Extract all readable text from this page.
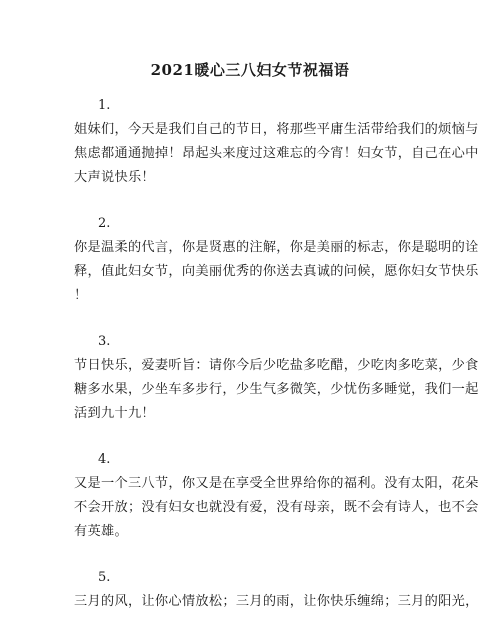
2021暖心三八妇女节祝福语
1.
姐妹们，今天是我们自己的节日，将那些平庸生活带给我们的烦恼与
焦虑都通通抛掉！昂起头来度过这难忘的今宵！妇女节，自己在心中
大声说快乐！
2.
你是温柔的代言，你是贤惠的注解，你是美丽的标志，你是聪明的诠
释，值此妇女节，向美丽优秀的你送去真诚的问候，愿你妇女节快乐
！
3.
节日快乐，爱妻听旨：请你今后少吃盐多吃醋，少吃肉多吃菜，少食
糖多水果，少坐车多步行，少生气多微笑，少忧伤多睡觉，我们一起
活到九十九！
4.
又是一个三八节，你又是在享受全世界给你的福利。没有太阳，花朵
不会开放；没有妇女也就没有爱，没有母亲，既不会有诗人，也不会
有英雄。
5.
三月的风，让你心情放松；三月的雨，让你快乐缠绵；三月的阳光，
